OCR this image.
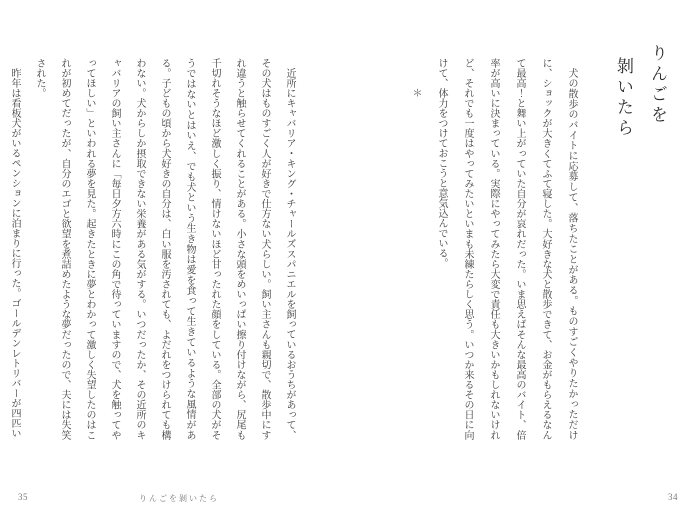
りんごを
剝いたら

犬の散歩のバイトに応募して、落ちたことがある。ものすごくやりたかっただけに、ショックが大きくてふて寝した。大好きな犬と散歩できて、お金がもらえるなんて最高！と舞い上がっていた自分が哀れだった。いま思えばそんな最高のバイト、倍率が高いに決まっている。実際にやってみたら大変で責任も大きいかもしれないけれど、それでも一度はやってみたいといまも未練たらしく思う。いつか来るその日に向けて、体力をつけておこうと意気込んでいる。

＊
34

近所にキャバリア・キング・チャールズスパニエルを飼っているおうちがあって、その犬はものすごく人が好きで仕方ない犬らしい。飼い主さんも親切で、散歩中にすれ違うと触らせてくれることがある。小さな頭をめいっぱい擦り付けながら、尻尾も千切れそうなほど激しく振り、情けないほど甘ったれた顔をしている。全部の犬がそうではないとはいえ、でも犬という生き物は愛を食って生きているような風情がある。子どもの頃から犬好きの自分は、白い服を汚されても、よだれをつけられても構わない。犬からしか摂取できない栄養がある気がする。いつだったか、その近所のキャバリアの飼い主さんに「毎日夕方六時にこの角で待っていますので、犬を触ってやってほしい」といわれる夢を見た。起きたときに夢とわかって激しく失望したのはこれが初めてだったが、自分のエゴと欲望を煮詰めたような夢だったので、夫には失笑された。

昨年は看板犬がいるペンションに泊まりに行った。ゴールデンレトリバーが四匹い

35	りんごを剝いたら
